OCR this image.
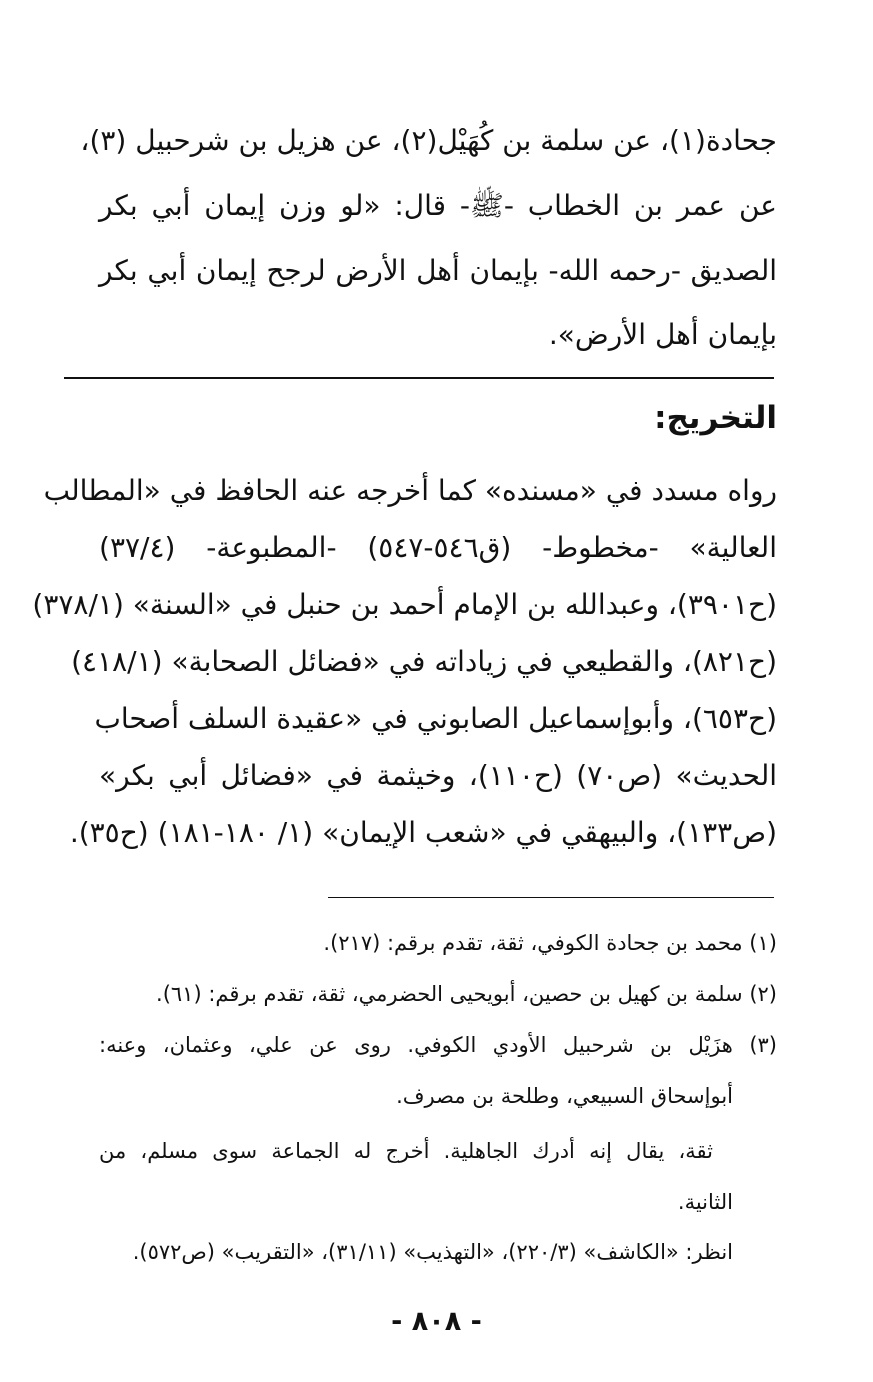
جحادة(١)، عن سلمة بن كُهَيْل(٢)، عن هزيل بن شرحبيل (٣)،
عن عمر بن الخطاب -ﷺ- قال: «لو وزن إيمان أبي بكر
الصديق -رحمه الله- بإيمان أهل الأرض لرجح إيمان أبي بكر
بإيمان أهل الأرض».
التخريج:
رواه مسدد في «مسنده» كما أخرجه عنه الحافظ في «المطالب
العالية» -مخطوط- (ق٥٤٦-٥٤٧) -المطبوعة- (٣٧/٤)
(ح٣٩٠١)، وعبدالله بن الإمام أحمد بن حنبل في «السنة» (٣٧٨/١)
(ح٨٢١)، والقطيعي في زياداته في «فضائل الصحابة» (٤١٨/١)
(ح٦٥٣)، وأبوإسماعيل الصابوني في «عقيدة السلف أصحاب
الحديث» (ص٧٠) (ح١١٠)، وخيثمة في «فضائل أبي بكر»
(ص١٣٣)، والبيهقي في «شعب الإيمان» (١/ ١٨٠-١٨١) (ح٣٥).
(١) محمد بن جحادة الكوفي، ثقة، تقدم برقم: (٢١٧).
(٢) سلمة بن كهيل بن حصين، أبويحيى الحضرمي، ثقة، تقدم برقم: (٦١).
(٣) هزَيْل بن شرحبيل الأودي الكوفي. روى عن علي، وعثمان، وعنه:
أبوإسحاق السبيعي، وطلحة بن مصرف.
ثقة، يقال إنه أدرك الجاهلية. أخرج له الجماعة سوى مسلم، من
الثانية.
انظر: «الكاشف» (٢٢٠/٣)، «التهذيب» (٣١/١١)، «التقريب» (ص٥٧٢).
- ٨٠٨ -
